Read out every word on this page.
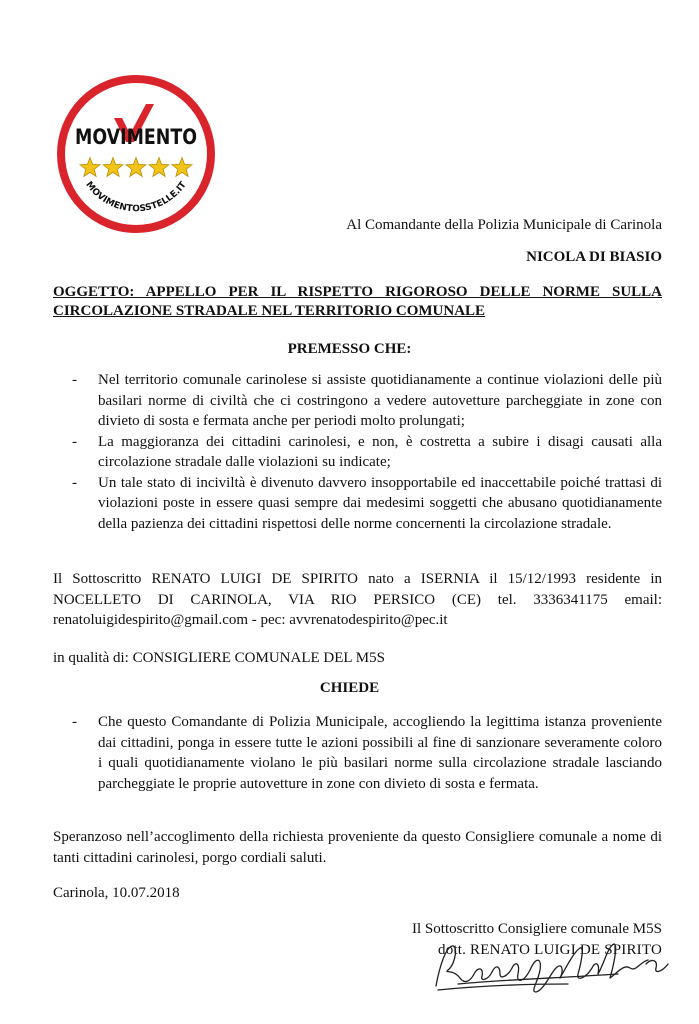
MOVIMENTO
MOVIMENTOSSTELLE.IT
Al Comandante della Polizia Municipale di Carinola
NICOLA DI BIASIO
OGGETTO: APPELLO PER IL RISPETTO RIGOROSO DELLE NORME SULLA CIRCOLAZIONE STRADALE NEL TERRITORIO COMUNALE
PREMESSO CHE:
- Nel territorio comunale carinolese si assiste quotidianamente a continue violazioni delle più basilari norme di civiltà che ci costringono a vedere autovetture parcheggiate in zone con divieto di sosta e fermata anche per periodi molto prolungati;
- La maggioranza dei cittadini carinolesi, e non, è costretta a subire i disagi causati alla circolazione stradale dalle violazioni su indicate;
- Un tale stato di inciviltà è divenuto davvero insopportabile ed inaccettabile poiché trattasi di violazioni poste in essere quasi sempre dai medesimi soggetti che abusano quotidianamente della pazienza dei cittadini rispettosi delle norme concernenti la circolazione stradale.
Il Sottoscritto RENATO LUIGI DE SPIRITO nato a ISERNIA il 15/12/1993 residente in NOCELLETO DI CARINOLA, VIA RIO PERSICO (CE) tel. 3336341175 email: renatoluigidespirito@gmail.com - pec: avvrenatodespirito@pec.it
in qualità di: CONSIGLIERE COMUNALE DEL M5S
CHIEDE
- Che questo Comandante di Polizia Municipale, accogliendo la legittima istanza proveniente dai cittadini, ponga in essere tutte le azioni possibili al fine di sanzionare severamente coloro i quali quotidianamente violano le più basilari norme sulla circolazione stradale lasciando parcheggiate le proprie autovetture in zone con divieto di sosta e fermata.
Speranzoso nell’accoglimento della richiesta proveniente da questo Consigliere comunale a nome di tanti cittadini carinolesi, porgo cordiali saluti.
Carinola, 10.07.2018
Il Sottoscritto Consigliere comunale M5S
dott. RENATO LUIGI DE SPIRITO
